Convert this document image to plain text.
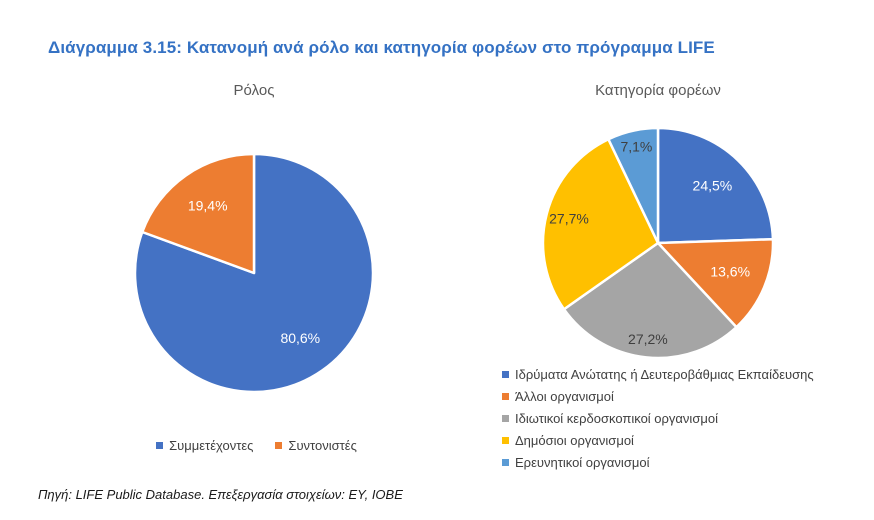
Διάγραμμα 3.15: Κατανομή ανά ρόλο και κατηγορία φορέων στο πρόγραμμα LIFE
Ρόλος	Κατηγορία φορέων
80,6%
19,4%
24,5%
13,6%
27,2%
27,7%
7,1%
Συμμετέχοντες	Συντονιστές
Ιδρύματα Ανώτατης ή Δευτεροβάθμιας Εκπαίδευσης
Άλλοι οργανισμοί
Ιδιωτικοί κερδοσκοπικοί οργανισμοί
Δημόσιοι οργανισμοί
Ερευνητικοί οργανισμοί
Πηγή: LIFE Public Database. Επεξεργασία στοιχείων: EY, IOBE
